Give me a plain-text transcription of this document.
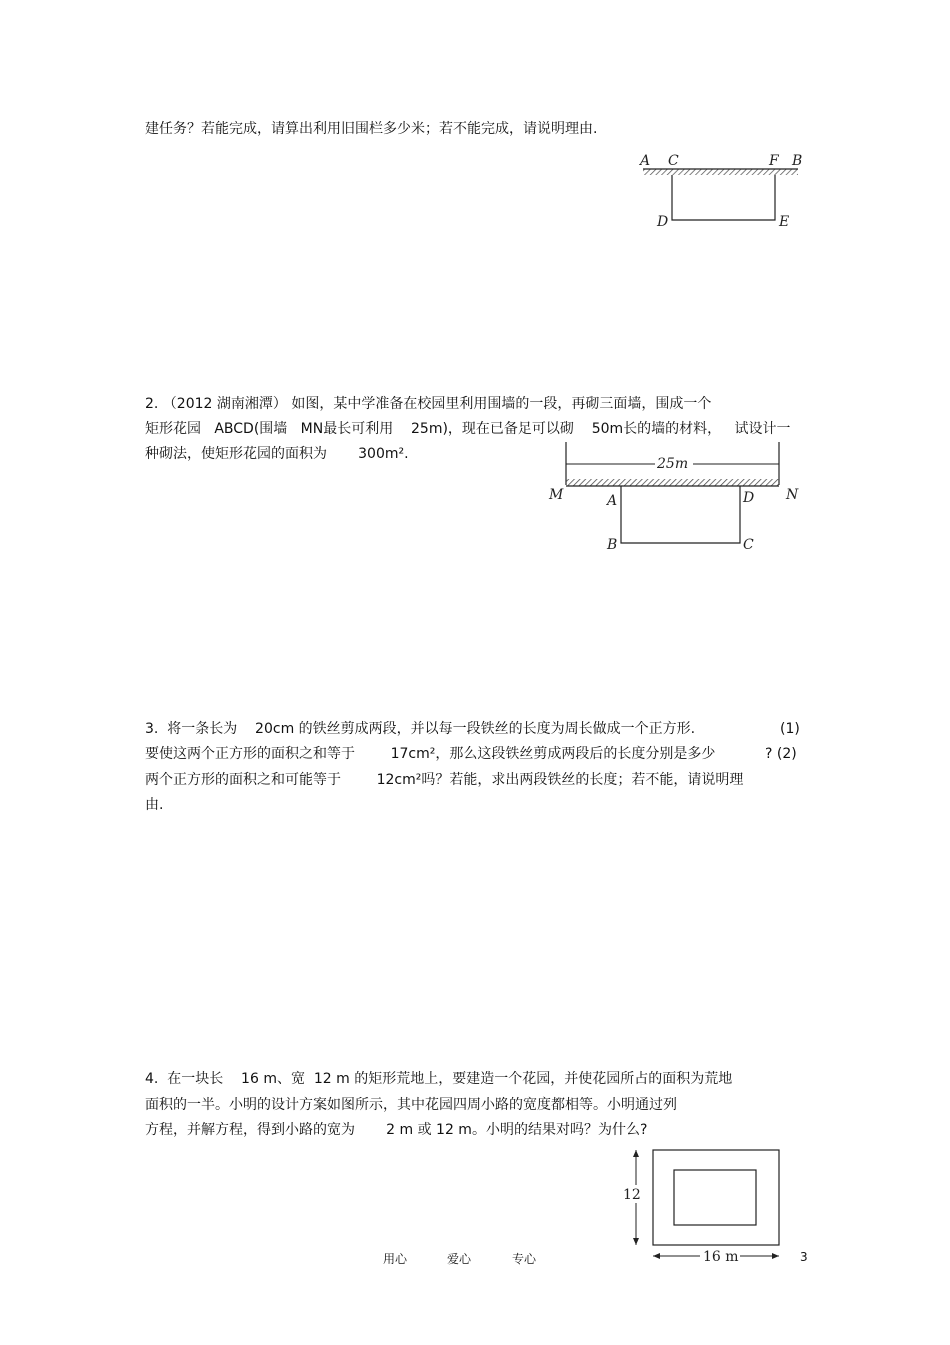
建任务？若能完成，请算出利用旧围栏多少米；若不能完成，请说明理由.
A C	F B
D	E
2. （2012 湖南湘潭） 如图，某中学准备在校园里利用围墙的一段，再砌三面墙，围成一个
矩形花园   ABCD(围墙   MN最长可利用    25m)，现在已备足可以砌    50m长的墙的材料，   试设计一
种砌法，使矩形花园的面积为       300m².
25m
M	N
A	D
B	C
3.  将一条长为    20cm 的铁丝剪成两段，并以每一段铁丝的长度为周长做成一个正方形.	(1)
要使这两个正方形的面积之和等于        17cm²，那么这段铁丝剪成两段后的长度分别是多少	? (2)
两个正方形的面积之和可能等于        12cm²吗？若能，求出两段铁丝的长度；若不能，请说明理
由.
4.  在一块长    16 m、宽  12 m 的矩形荒地上，要建造一个花园，并使花园所占的面积为荒地
面积的一半。小明的设计方案如图所示，其中花园四周小路的宽度都相等。小明通过列
方程，并解方程，得到小路的宽为       2 m 或 12 m。小明的结果对吗？为什么?
12
16 m
用心	爱心	专心	3
